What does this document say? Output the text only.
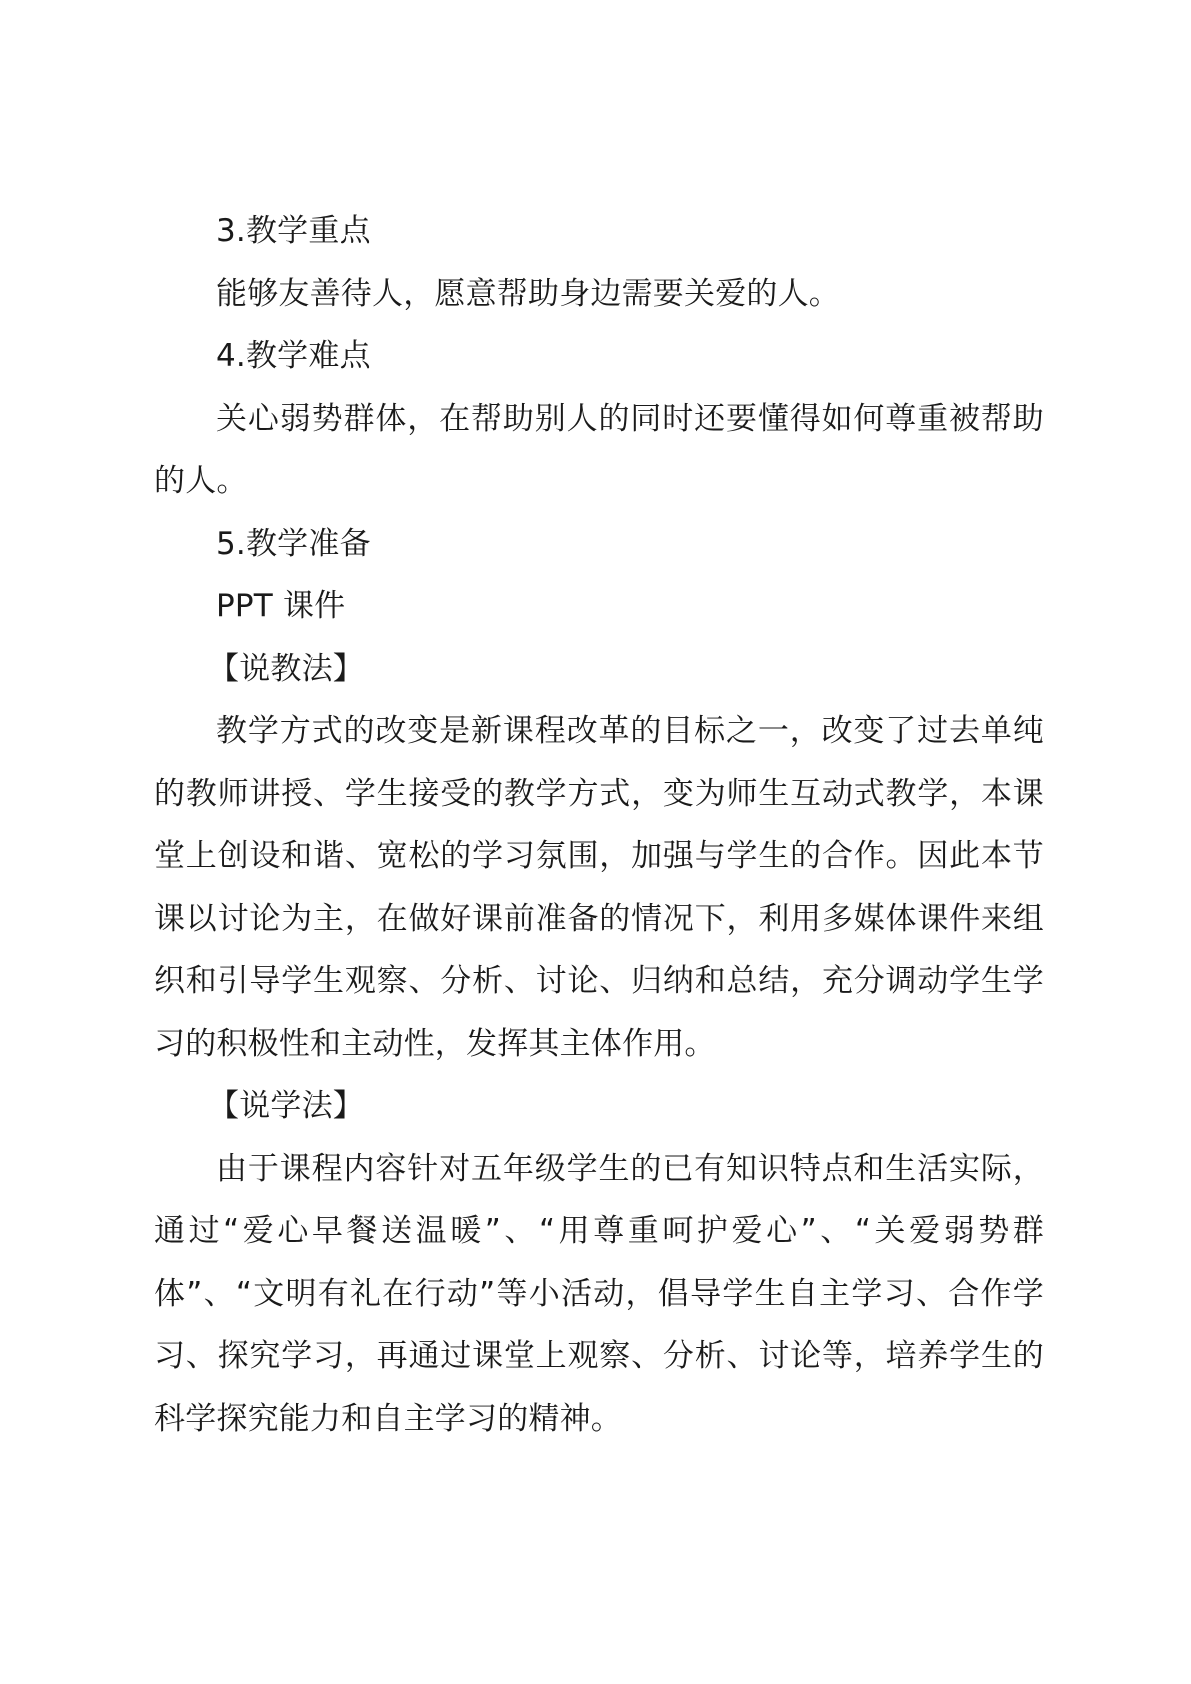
3.教学重点

能够友善待人，愿意帮助身边需要关爱的人。

4.教学难点

关心弱势群体，在帮助别人的同时还要懂得如何尊重被帮助的人。

5.教学准备

PPT 课件

【说教法】

教学方式的改变是新课程改革的目标之一，改变了过去单纯的教师讲授、学生接受的教学方式，变为师生互动式教学，本课堂上创设和谐、宽松的学习氛围，加强与学生的合作。因此本节课以讨论为主，在做好课前准备的情况下，利用多媒体课件来组织和引导学生观察、分析、讨论、归纳和总结，充分调动学生学习的积极性和主动性，发挥其主体作用。

【说学法】

由于课程内容针对五年级学生的已有知识特点和生活实际，通过“爱心早餐送温暖”、“用尊重呵护爱心”、“关爱弱势群体”、“文明有礼在行动”等小活动，倡导学生自主学习、合作学习、探究学习，再通过课堂上观察、分析、讨论等，培养学生的科学探究能力和自主学习的精神。
